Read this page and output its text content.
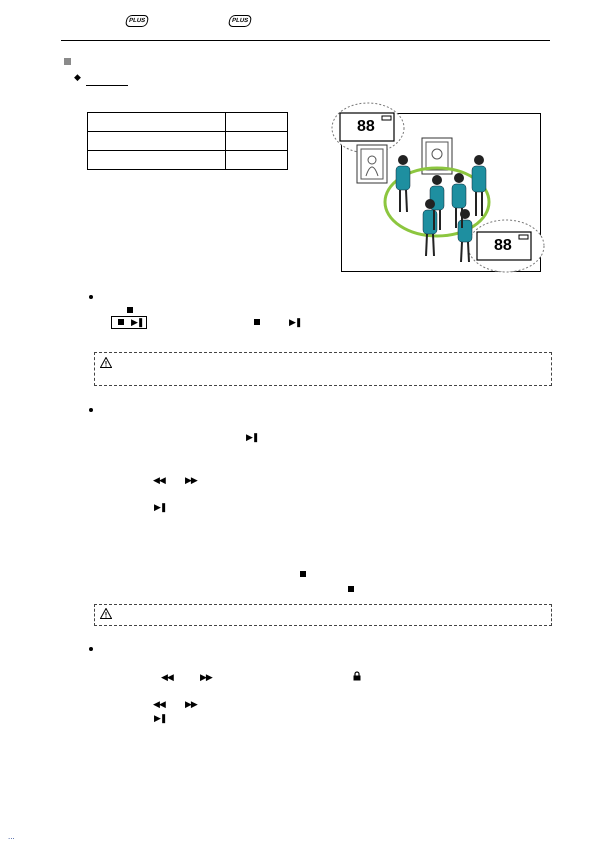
PLUS	PLUS
◆

88
88
▶❚	▶❚
▶❚
◀◀ ▶▶
▶❚
◀◀	▶▶
◀◀ ▶▶
▶❚
...
